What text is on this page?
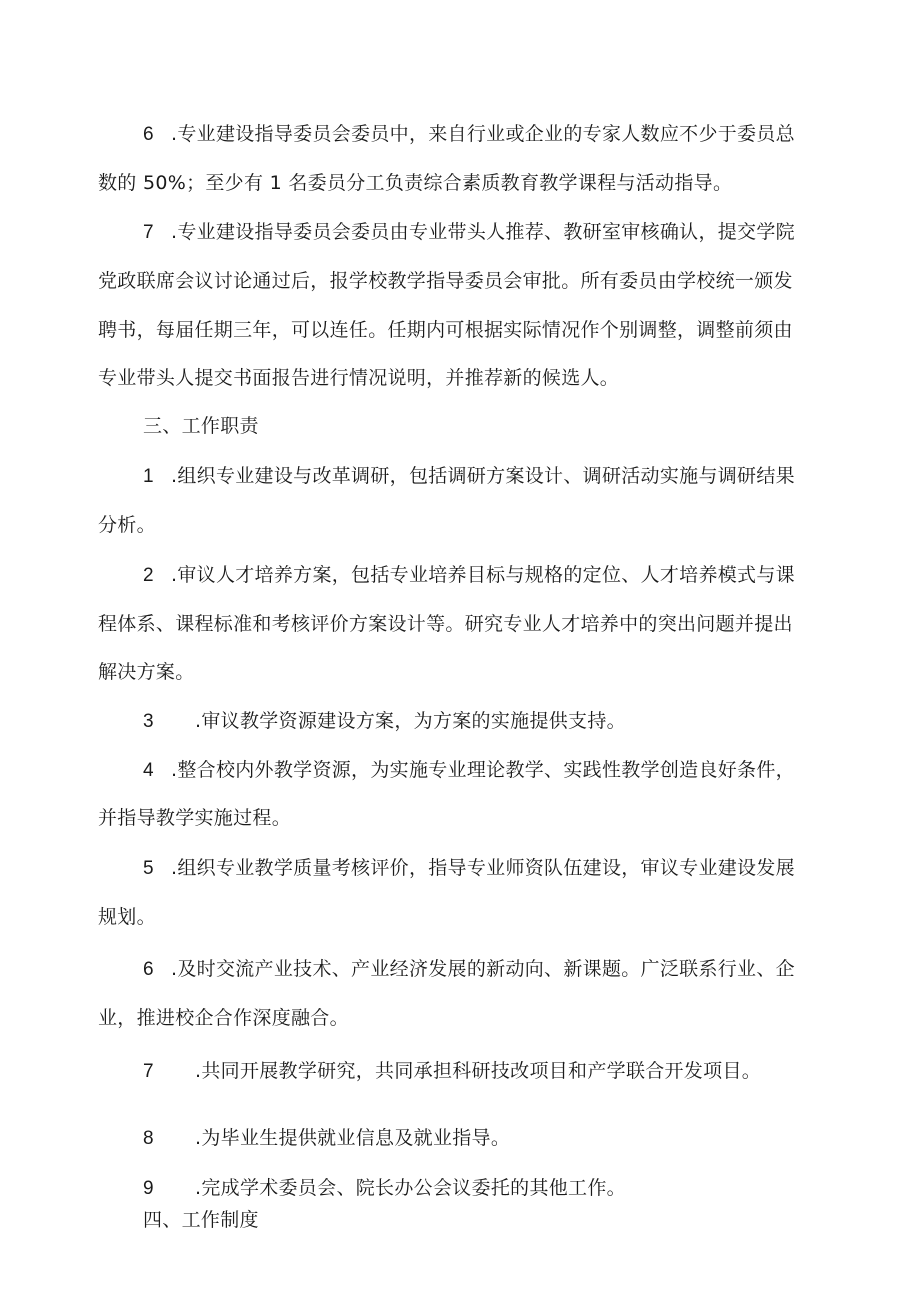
6 .专业建设指导委员会委员中，来自行业或企业的专家人数应不少于委员总
数的 50%；至少有 1 名委员分工负责综合素质教育教学课程与活动指导。
7 .专业建设指导委员会委员由专业带头人推荐、教研室审核确认，提交学院
党政联席会议讨论通过后，报学校教学指导委员会审批。所有委员由学校统一颁发
聘书，每届任期三年，可以连任。任期内可根据实际情况作个别调整，调整前须由
专业带头人提交书面报告进行情况说明，并推荐新的候选人。
三、工作职责
1 .组织专业建设与改革调研，包括调研方案设计、调研活动实施与调研结果
分析。
2 .审议人才培养方案，包括专业培养目标与规格的定位、人才培养模式与课
程体系、课程标准和考核评价方案设计等。研究专业人才培养中的突出问题并提出
解决方案。
3 .审议教学资源建设方案，为方案的实施提供支持。
4 .整合校内外教学资源，为实施专业理论教学、实践性教学创造良好条件，
并指导教学实施过程。
5 .组织专业教学质量考核评价，指导专业师资队伍建设，审议专业建设发展
规划。
6 .及时交流产业技术、产业经济发展的新动向、新课题。广泛联系行业、企
业，推进校企合作深度融合。
7 .共同开展教学研究，共同承担科研技改项目和产学联合开发项目。
8 .为毕业生提供就业信息及就业指导。
9 .完成学术委员会、院长办公会议委托的其他工作。
四、工作制度
